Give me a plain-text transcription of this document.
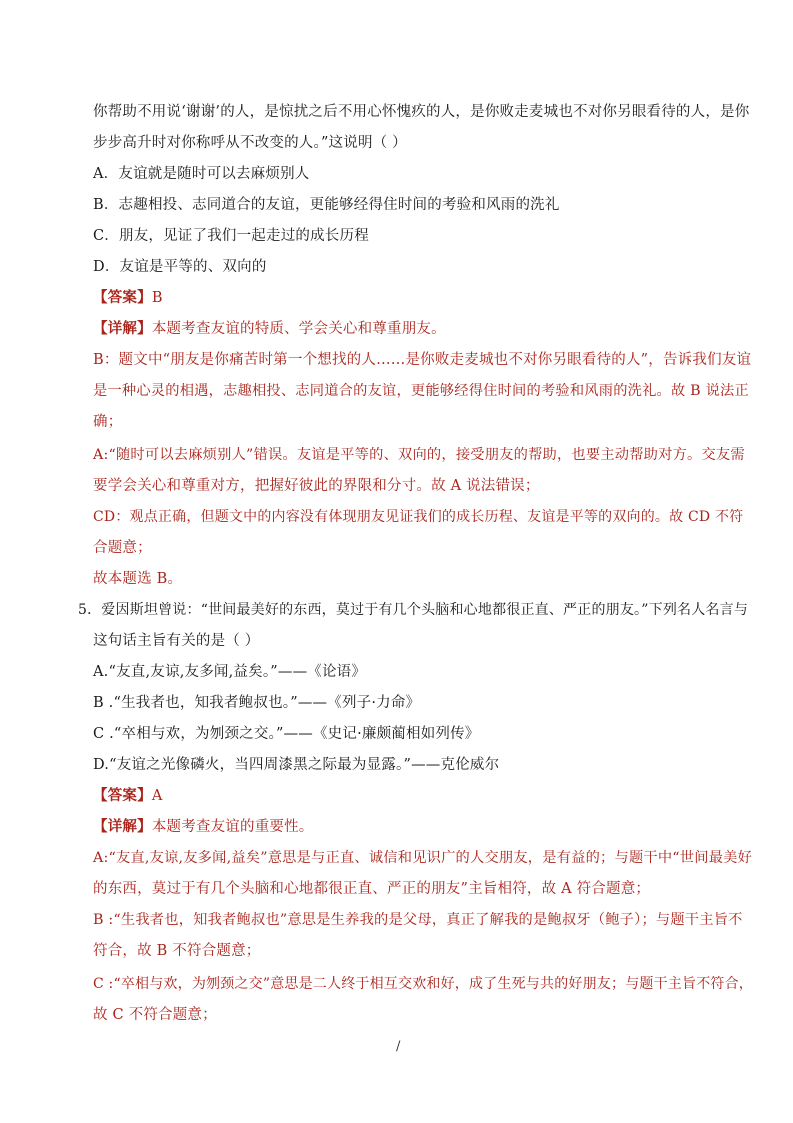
你帮助不用说‘谢谢’的人，是惊扰之后不用心怀愧疚的人，是你败走麦城也不对你另眼看待的人，是你
步步高升时对你称呼从不改变的人。”这说明（ ）
A．友谊就是随时可以去麻烦别人
B．志趣相投、志同道合的友谊，更能够经得住时间的考验和风雨的洗礼
C．朋友，见证了我们一起走过的成长历程
D．友谊是平等的、双向的
【答案】B
【详解】本题考查友谊的特质、学会关心和尊重朋友。
B：题文中“朋友是你痛苦时第一个想找的人……是你败走麦城也不对你另眼看待的人”，告诉我们友谊
是一种心灵的相遇，志趣相投、志同道合的友谊，更能够经得住时间的考验和风雨的洗礼。故 B 说法正
确；
A:“随时可以去麻烦别人”错误。友谊是平等的、双向的，接受朋友的帮助，也要主动帮助对方。交友需
要学会关心和尊重对方，把握好彼此的界限和分寸。故 A 说法错误；
CD：观点正确，但题文中的内容没有体现朋友见证我们的成长历程、友谊是平等的双向的。故 CD 不符
合题意；
故本题选 B。
5．爱因斯坦曾说：“世间最美好的东西，莫过于有几个头脑和心地都很正直、严正的朋友。”下列名人名言与
这句话主旨有关的是（ ）
A.“友直,友谅,友多闻,益矣。”——《论语》
B .“生我者也，知我者鲍叔也。”——《列子·力命》
C .“卒相与欢，为刎颈之交。”——《史记·廉颇蔺相如列传》
D.“友谊之光像磷火，当四周漆黑之际最为显露。”——克伦威尔
【答案】A
【详解】本题考查友谊的重要性。
A:“友直,友谅,友多闻,益矣”意思是与正直、诚信和见识广的人交朋友，是有益的；与题干中“世间最美好
的东西，莫过于有几个头脑和心地都很正直、严正的朋友”主旨相符，故 A 符合题意；
B :“生我者也，知我者鲍叔也”意思是生养我的是父母，真正了解我的是鲍叔牙（鲍子）；与题干主旨不
符合，故 B 不符合题意；
C :“卒相与欢，为刎颈之交”意思是二人终于相互交欢和好，成了生死与共的好朋友；与题干主旨不符合，
故 C 不符合题意；
/
